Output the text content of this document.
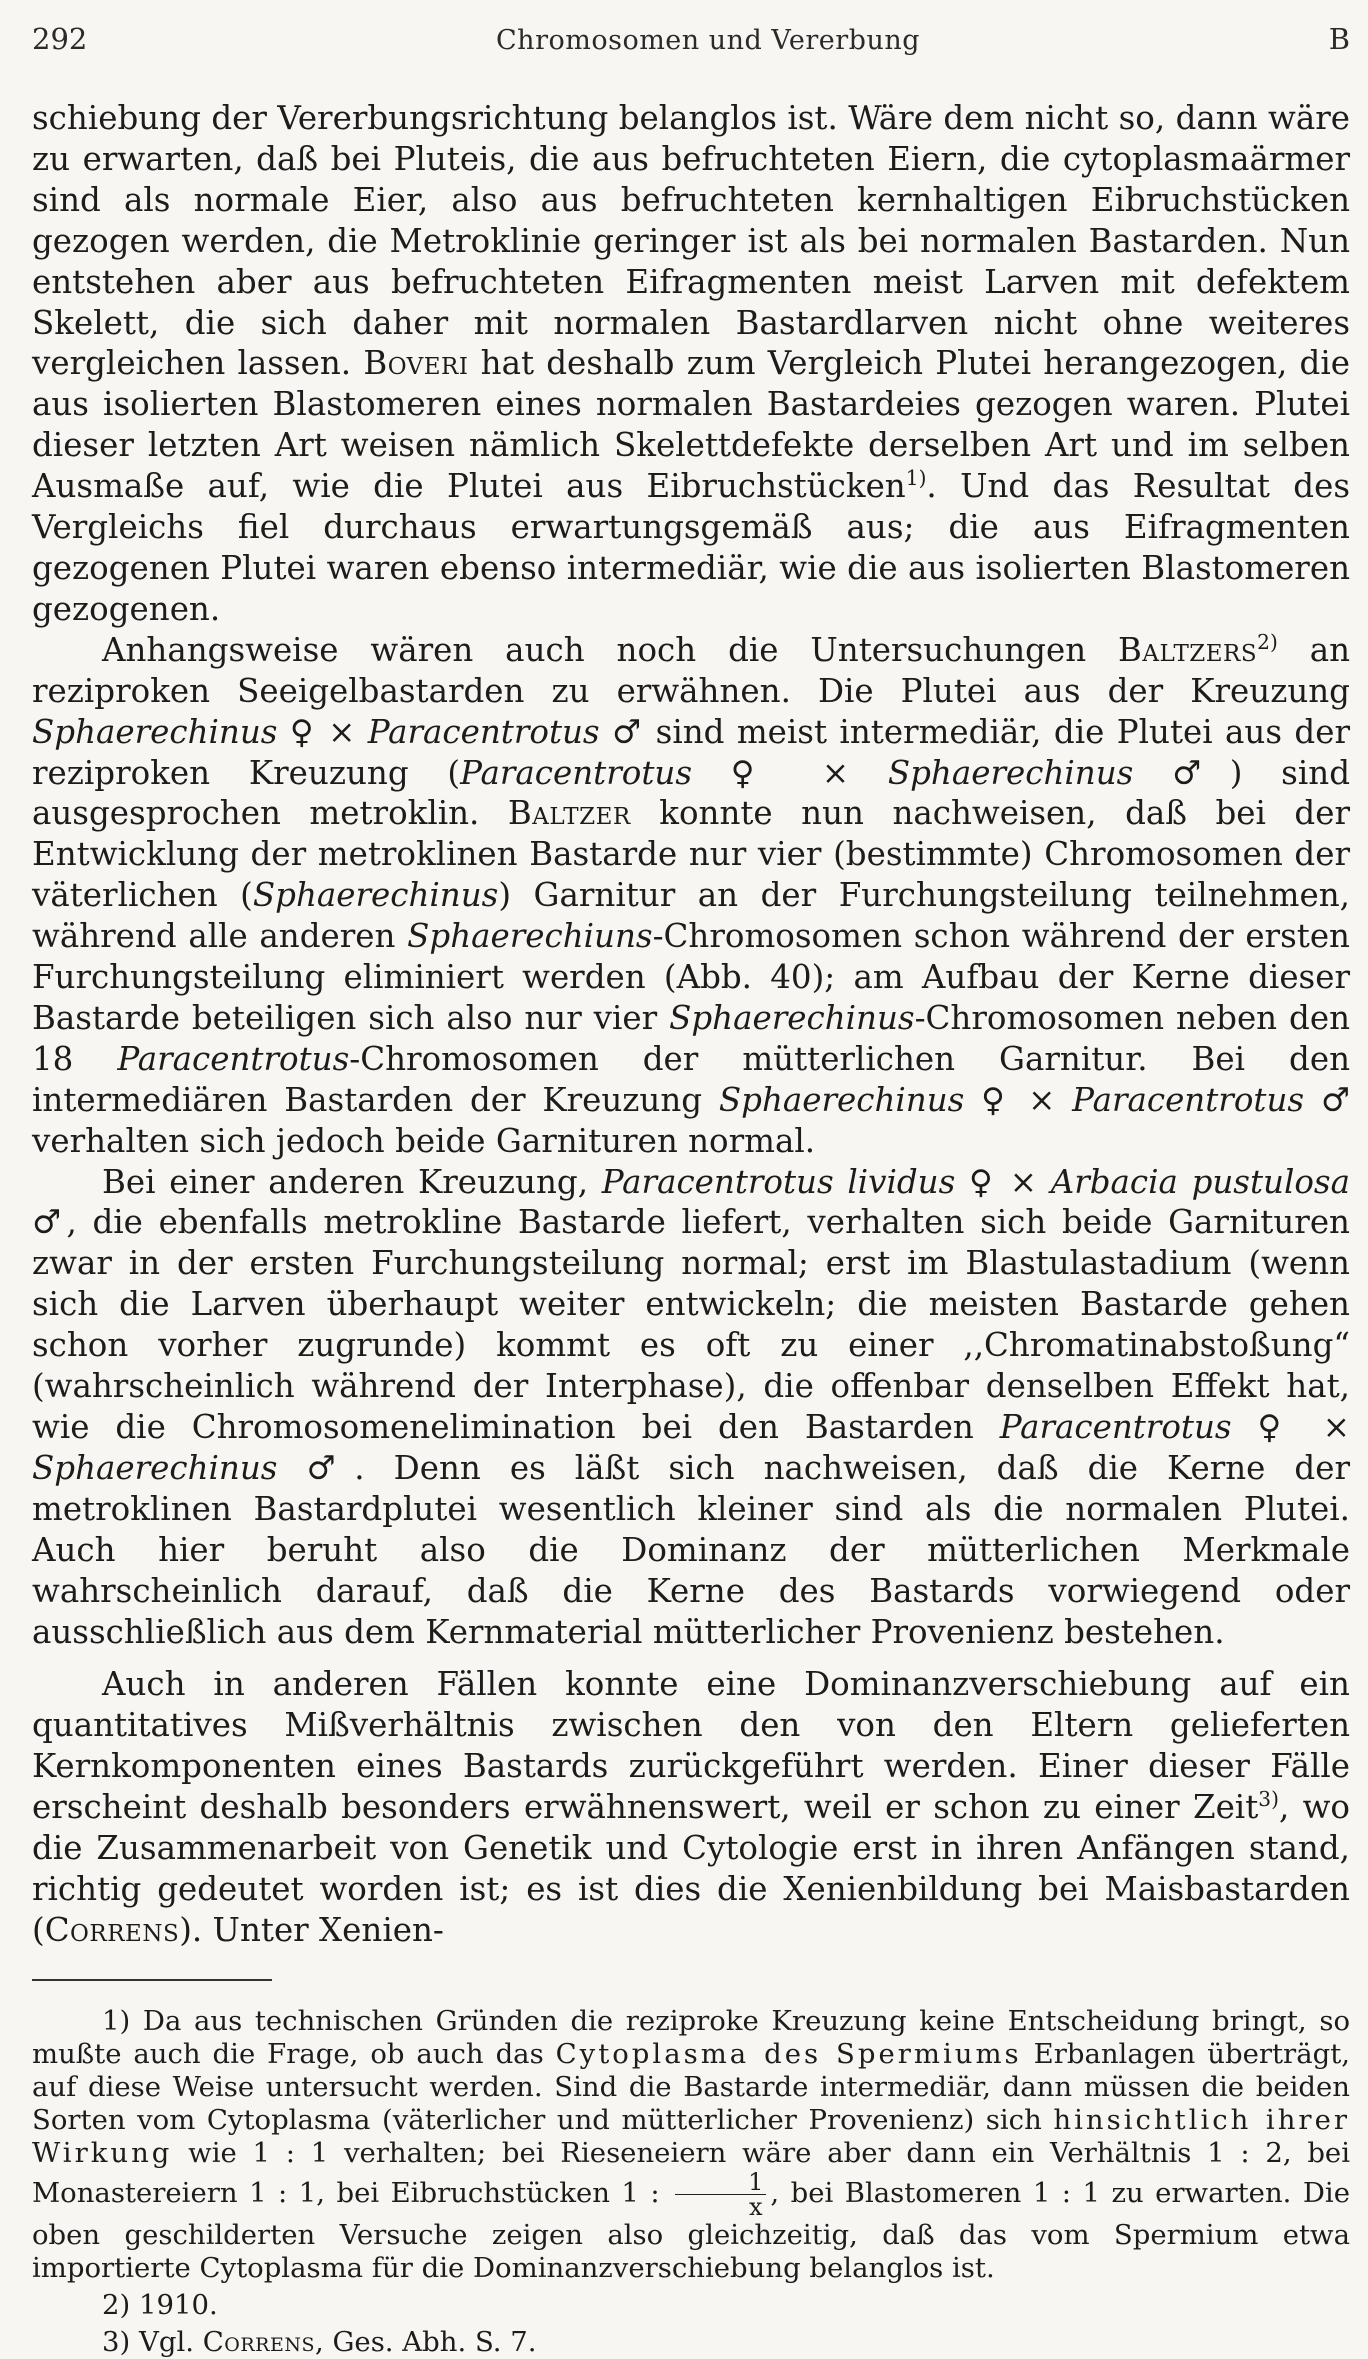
292	Chromosomen und Vererbung	B

schiebung der Vererbungsrichtung belanglos ist. Wäre dem nicht so, dann wäre zu erwarten, daß bei Pluteis, die aus befruchteten Eiern, die cytoplasmaärmer sind als normale Eier, also aus befruchteten kernhaltigen Eibruchstücken gezogen werden, die Metroklinie geringer ist als bei normalen Bastarden. Nun entstehen aber aus befruchteten Eifragmenten meist Larven mit defektem Skelett, die sich daher mit normalen Bastardlarven nicht ohne weiteres vergleichen lassen. Boveri hat deshalb zum Vergleich Plutei herangezogen, die aus isolierten Blastomeren eines normalen Bastardeies gezogen waren. Plutei dieser letzten Art weisen nämlich Skelettdefekte derselben Art und im selben Ausmaße auf, wie die Plutei aus Eibruchstücken$^{1)}$. Und das Resultat des Vergleichs fiel durchaus erwartungsgemäß aus; die aus Eifragmenten gezogenen Plutei waren ebenso intermediär, wie die aus isolierten Blastomeren gezogenen.

Anhangsweise wären auch noch die Untersuchungen Baltzers$^{2)}$ an reziproken Seeigelbastarden zu erwähnen. Die Plutei aus der Kreuzung Sphaerechinus ♀ × Paracentrotus ♂ sind meist intermediär, die Plutei aus der reziproken Kreuzung (Paracentrotus ♀ × Sphaerechinus ♂) sind ausgesprochen metroklin. Baltzer konnte nun nachweisen, daß bei der Entwicklung der metroklinen Bastarde nur vier (bestimmte) Chromosomen der väterlichen (Sphaerechinus) Garnitur an der Furchungsteilung teilnehmen, während alle anderen Sphaerechiuns-Chromosomen schon während der ersten Furchungsteilung eliminiert werden (Abb. 40); am Aufbau der Kerne dieser Bastarde beteiligen sich also nur vier Sphaerechinus-Chromosomen neben den 18 Paracentrotus-Chromosomen der mütterlichen Garnitur. Bei den intermediären Bastarden der Kreuzung Sphaerechinus ♀ × Paracentrotus ♂ verhalten sich jedoch beide Garnituren normal.

Bei einer anderen Kreuzung, Paracentrotus lividus ♀ × Arbacia pustulosa ♂, die ebenfalls metrokline Bastarde liefert, verhalten sich beide Garnituren zwar in der ersten Furchungsteilung normal; erst im Blastulastadium (wenn sich die Larven überhaupt weiter entwickeln; die meisten Bastarde gehen schon vorher zugrunde) kommt es oft zu einer ,,Chromatinabstoßung“ (wahrscheinlich während der Interphase), die offenbar denselben Effekt hat, wie die Chromosomenelimination bei den Bastarden Paracentrotus ♀ × Sphaerechinus ♂. Denn es läßt sich nachweisen, daß die Kerne der metroklinen Bastardplutei wesentlich kleiner sind als die normalen Plutei. Auch hier beruht also die Dominanz der mütterlichen Merkmale wahrscheinlich darauf, daß die Kerne des Bastards vorwiegend oder ausschließlich aus dem Kernmaterial mütterlicher Provenienz bestehen.

Auch in anderen Fällen konnte eine Dominanzverschiebung auf ein quantitatives Mißverhältnis zwischen den von den Eltern gelieferten Kernkomponenten eines Bastards zurückgeführt werden. Einer dieser Fälle erscheint deshalb besonders erwähnenswert, weil er schon zu einer Zeit$^{3)}$, wo die Zusammenarbeit von Genetik und Cytologie erst in ihren Anfängen stand, richtig gedeutet worden ist; es ist dies die Xenienbildung bei Maisbastarden (Correns). Unter Xenien-

1) Da aus technischen Gründen die reziproke Kreuzung keine Entscheidung bringt, so mußte auch die Frage, ob auch das Cytoplasma des Spermiums Erbanlagen überträgt, auf diese Weise untersucht werden. Sind die Bastarde intermediär, dann müssen die beiden Sorten vom Cytoplasma (väterlicher und mütterlicher Provenienz) sich hinsichtlich ihrer Wirkung wie 1 : 1 verhalten; bei Rieseneiern wäre aber dann ein Verhältnis 1 : 2, bei Monastereiern 1 : 1, bei Eibruchstücken 1 : $\frac{1}{x}$ , bei Blastomeren 1 : 1 zu erwarten. Die oben geschilderten Versuche zeigen also gleichzeitig, daß das vom Spermium etwa importierte Cytoplasma für die Dominanzverschiebung belanglos ist.

2) 1910.

3) Vgl. Correns, Ges. Abh. S. 7.
